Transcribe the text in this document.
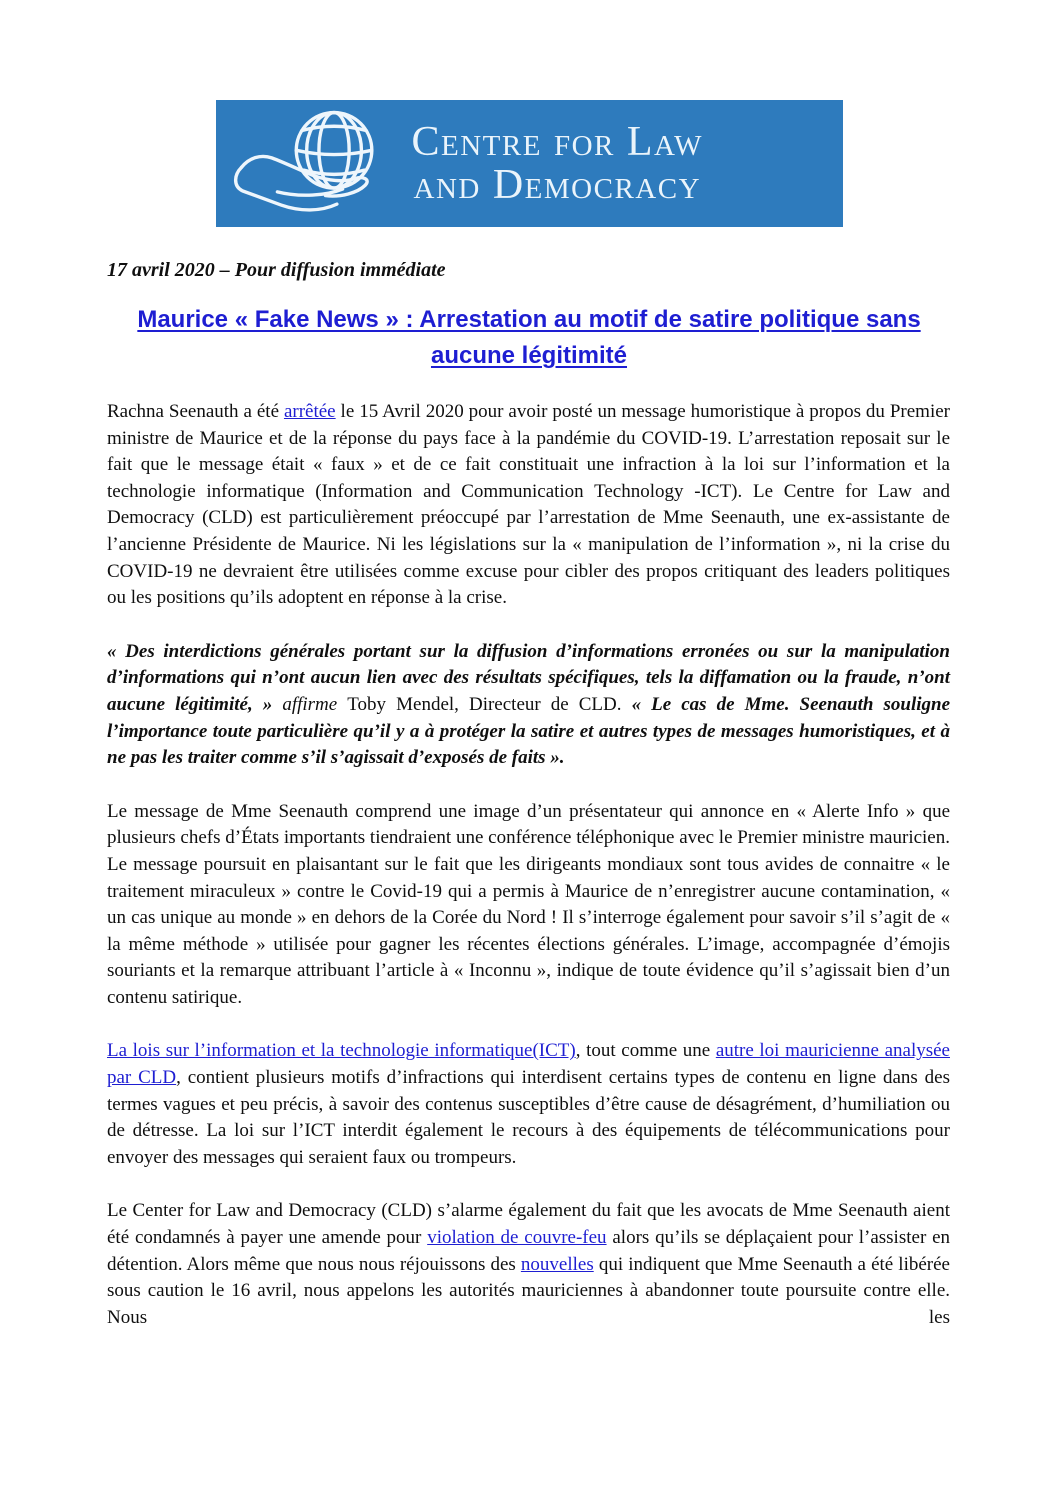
Centre for Law
and Democracy

17 avril 2020 – Pour diffusion immédiate

Maurice « Fake News » : Arrestation au motif de satire politique sans aucune légitimité

Rachna Seenauth a été arrêtée le 15 Avril 2020 pour avoir posté un message humoristique à propos du Premier ministre de Maurice et de la réponse du pays face à la pandémie du COVID-19. L’arrestation reposait sur le fait que le message était « faux » et de ce fait constituait une infraction à la loi sur l’information et la technologie informatique (Information and Communication Technology -ICT). Le Centre for Law and Democracy (CLD) est particulièrement préoccupé par l’arrestation de Mme Seenauth, une ex-assistante de l’ancienne Présidente de Maurice. Ni les législations sur la « manipulation de l’information », ni la crise du COVID-19 ne devraient être utilisées comme excuse pour cibler des propos critiquant des leaders politiques ou les positions qu’ils adoptent en réponse à la crise.

« Des interdictions générales portant sur la diffusion d’informations erronées ou sur la manipulation d’informations qui n’ont aucun lien avec des résultats spécifiques, tels la diffamation ou la fraude, n’ont aucune légitimité, » affirme Toby Mendel, Directeur de CLD. « Le cas de Mme. Seenauth souligne l’importance toute particulière qu’il y a à protéger la satire et autres types de messages humoristiques, et à ne pas les traiter comme s’il s’agissait d’exposés de faits ».

Le message de Mme Seenauth comprend une image d’un présentateur qui annonce en « Alerte Info » que plusieurs chefs d’États importants tiendraient une conférence téléphonique avec le Premier ministre mauricien. Le message poursuit en plaisantant sur le fait que les dirigeants mondiaux sont tous avides de connaitre « le traitement miraculeux » contre le Covid-19 qui a permis à Maurice de n’enregistrer aucune contamination, « un cas unique au monde » en dehors de la Corée du Nord ! Il s’interroge également pour savoir s’il s’agit de « la même méthode » utilisée pour gagner les récentes élections générales. L’image, accompagnée d’émojis souriants et la remarque attribuant l’article à « Inconnu », indique de toute évidence qu’il s’agissait bien d’un contenu satirique.

La lois sur l’information et la technologie informatique(ICT), tout comme une autre loi mauricienne analysée par CLD, contient plusieurs motifs d’infractions qui interdisent certains types de contenu en ligne dans des termes vagues et peu précis, à savoir des contenus susceptibles d’être cause de désagrément, d’humiliation ou de détresse. La loi sur l’ICT interdit également le recours à des équipements de télécommunications pour envoyer des messages qui seraient faux ou trompeurs.

Le Center for Law and Democracy (CLD) s’alarme également du fait que les avocats de Mme Seenauth aient été condamnés à payer une amende pour violation de couvre-feu alors qu’ils se déplaçaient pour l’assister en détention. Alors même que nous nous réjouissons des nouvelles qui indiquent que Mme Seenauth a été libérée sous caution le 16 avril, nous appelons les autorités mauriciennes à abandonner toute poursuite contre elle. Nous les
